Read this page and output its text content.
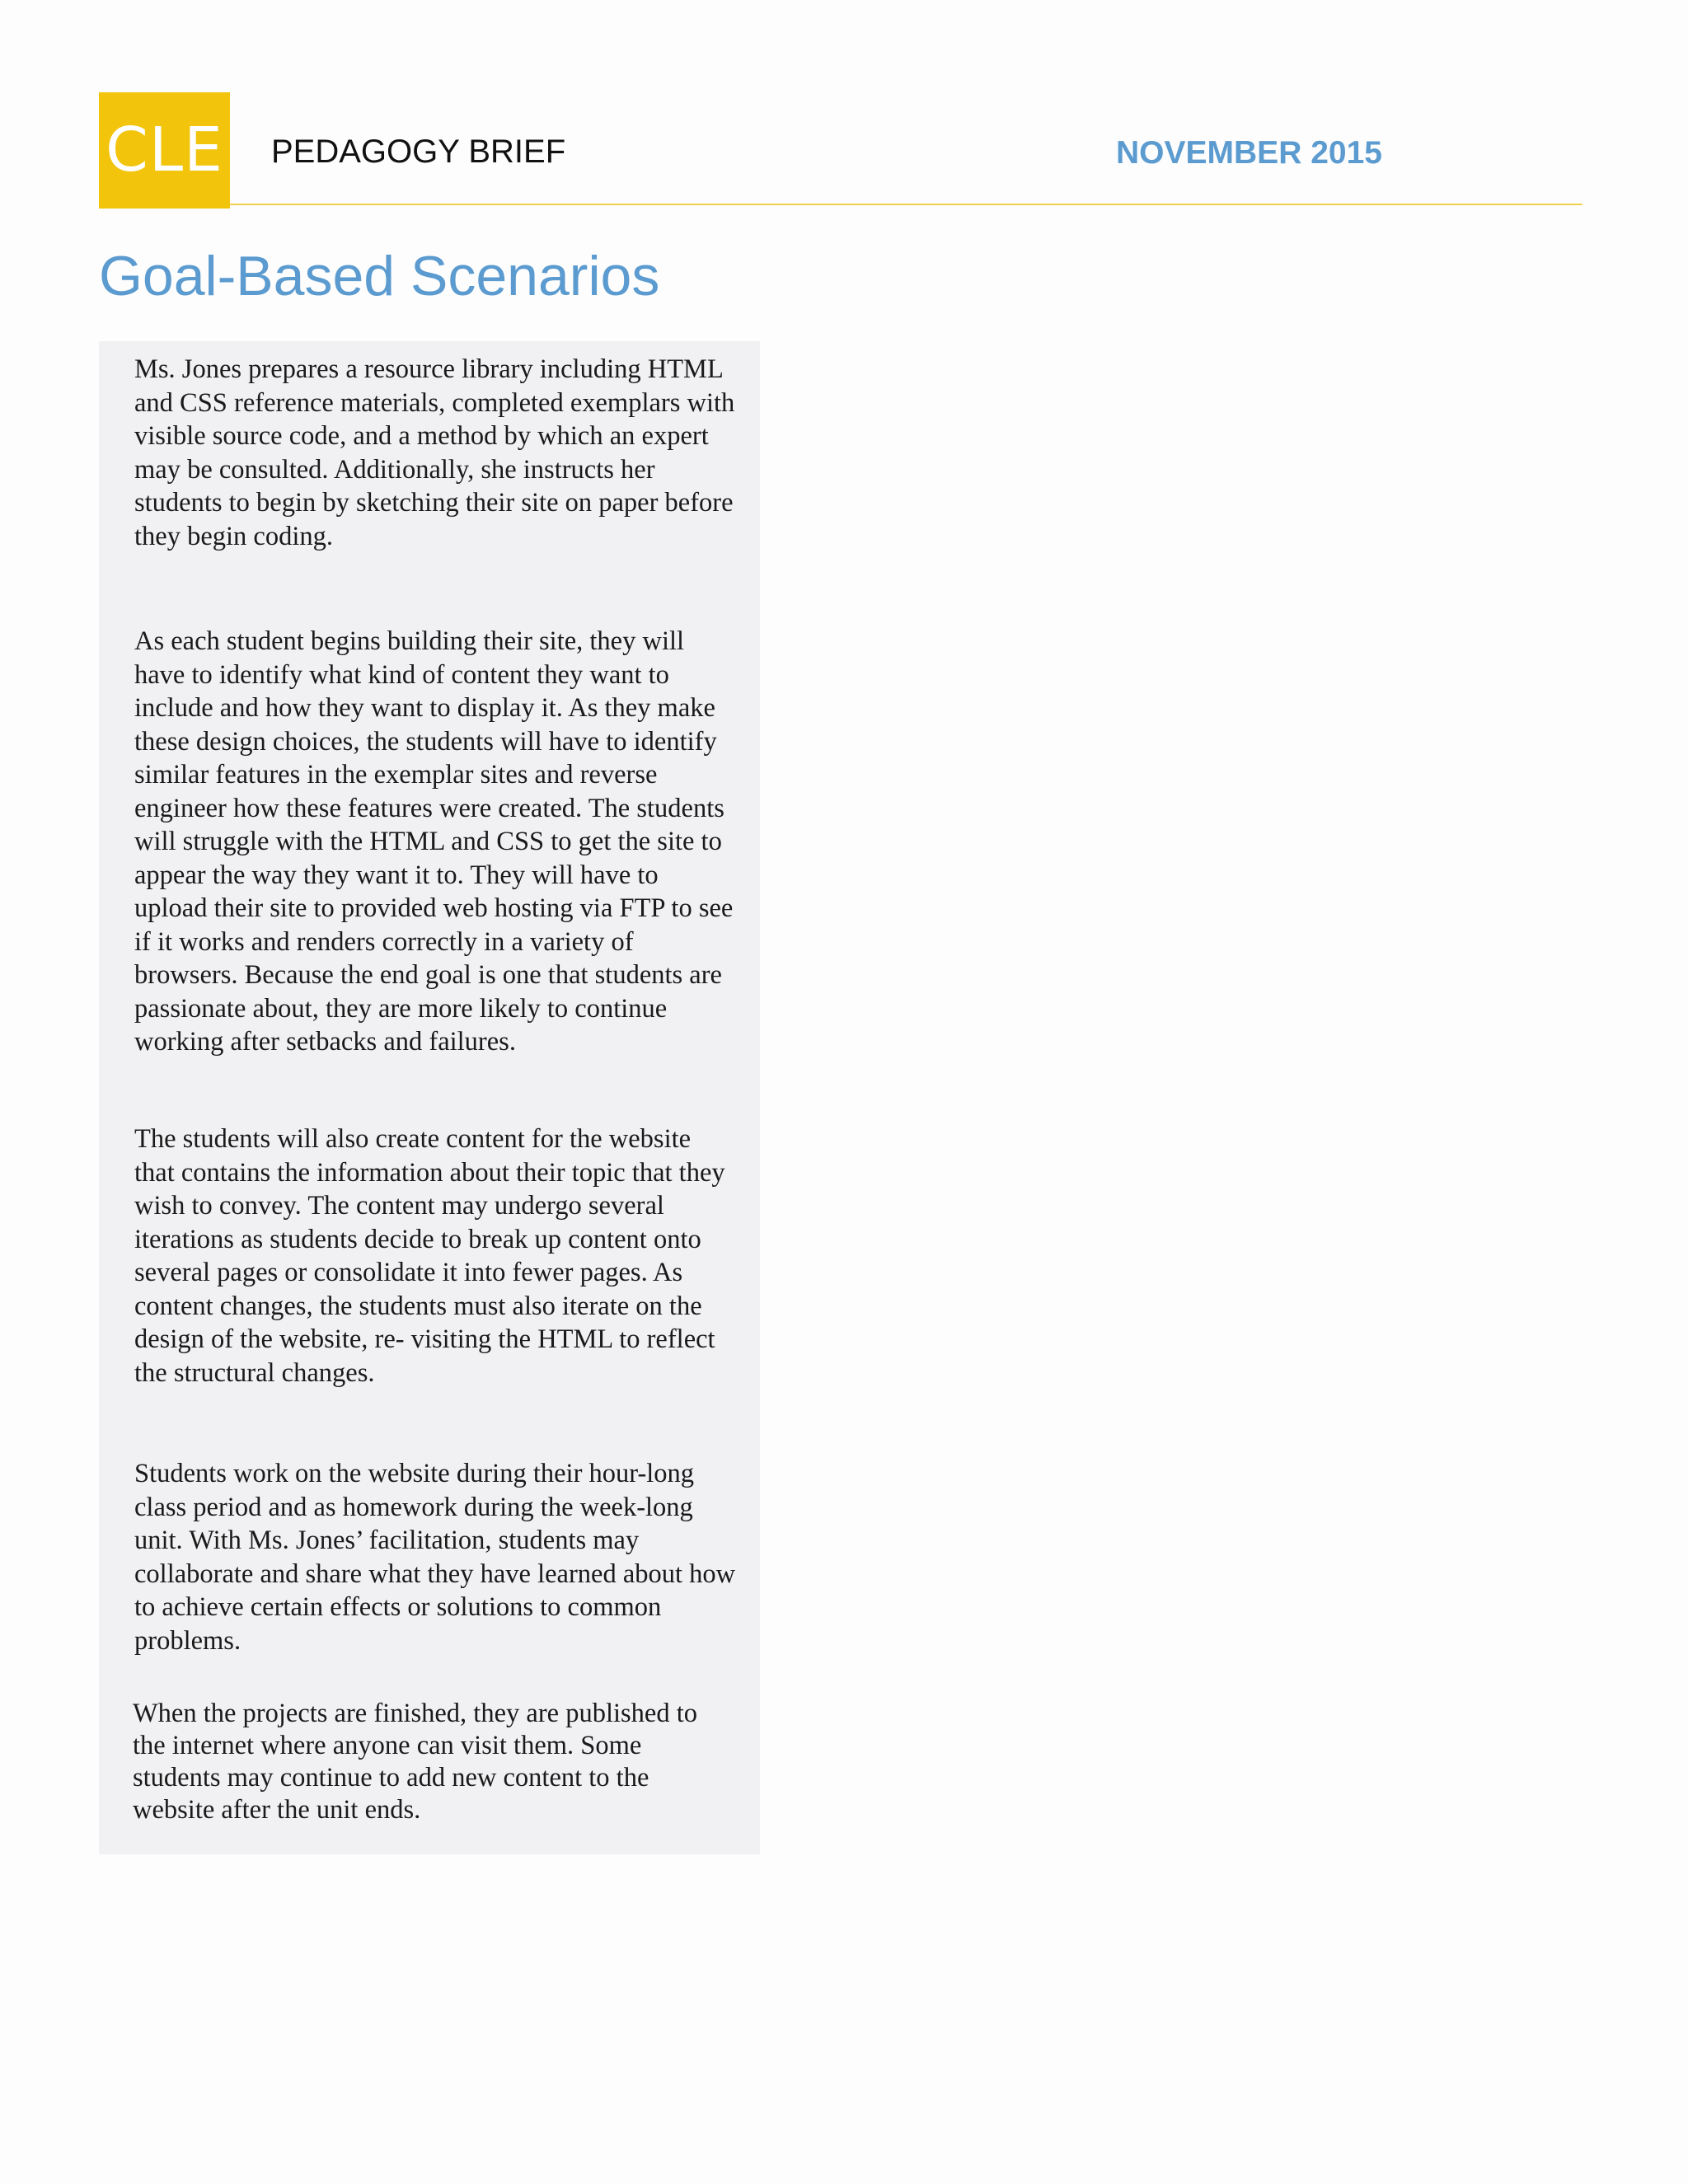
CLE PEDAGOGY BRIEF	NOVEMBER 2015
Goal-Based Scenarios

Ms. Jones prepares a resource library including HTML and CSS reference materials, completed exemplars with visible source code, and a method by which an expert may be consulted. Additionally, she instructs her students to begin by sketching their site on paper before they begin coding.

As each student begins building their site, they will have to identify what kind of content they want to include and how they want to display it. As they make these design choices, the students will have to identify similar features in the exemplar sites and reverse engineer how these features were created. The students will struggle with the HTML and CSS to get the site to appear the way they want it to. They will have to upload their site to provided web hosting via FTP to see if it works and renders correctly in a variety of browsers. Because the end goal is one that students are passionate about, they are more likely to continue working after setbacks and failures.

The students will also create content for the website that contains the information about their topic that they wish to convey. The content may undergo several iterations as students decide to break up content onto several pages or consolidate it into fewer pages. As content changes, the students must also iterate on the design of the website, re- visiting the HTML to reflect the structural changes.

Students work on the website during their hour-long class period and as homework during the week-long unit. With Ms. Jones’ facilitation, students may collaborate and share what they have learned about how to achieve certain effects or solutions to common problems.

When the projects are finished, they are published to the internet where anyone can visit them. Some students may continue to add new content to the website after the unit ends.
